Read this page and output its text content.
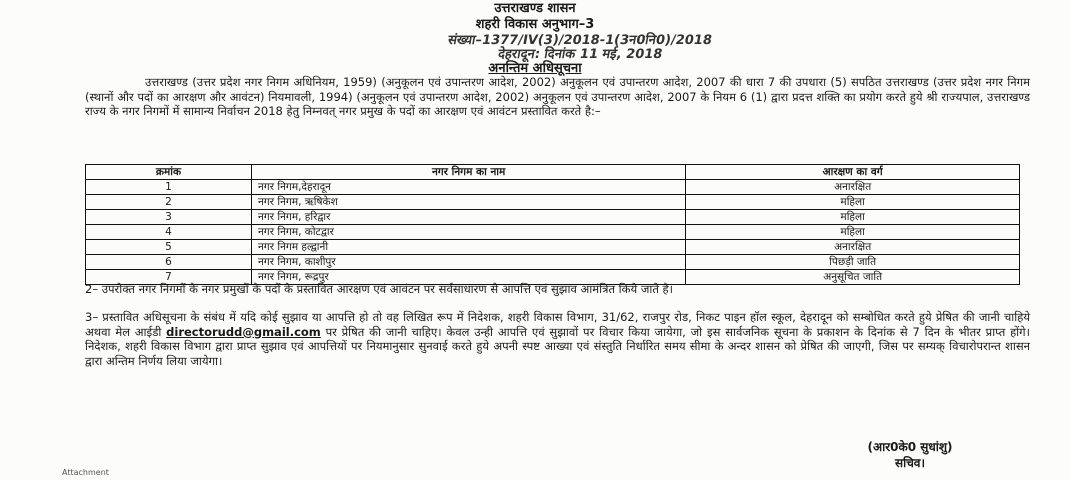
उत्तराखण्ड शासन
शहरी विकास अनुभाग–3
संख्या–1377/IV(3)/2018-1(3न0नि0)/2018
देहरादून: दिनांक 11 मई, 2018
अनन्तिम अधिसूचना
उत्तराखण्ड (उत्तर प्रदेश नगर निगम अधिनियम, 1959) (अनुकूलन एवं उपान्तरण आदेश, 2002) अनुकूलन एवं उपान्तरण आदेश, 2007 की धारा 7 की उपधारा (5) सपठित उत्तराखण्ड (उत्तर प्रदेश नगर निगम (स्थानों और पदों का आरक्षण और आवंटन) नियमावली, 1994) (अनुकूलन एवं उपान्तरण आदेश, 2002) अनुकूलन एवं उपान्तरण आदेश, 2007 के नियम 6 (1) द्वारा प्रदत्त शक्ति का प्रयोग करते हुये श्री राज्यपाल, उत्तराखण्ड राज्य के नगर निगमों में सामान्य निर्वाचन 2018 हेतु निम्नवत् नगर प्रमुख के पदों का आरक्षण एवं आवंटन प्रस्तावित करते है:–
क्रमांक	नगर निगम का नाम	आरक्षण का वर्ग
1	नगर निगम,देहरादून	अनारक्षित
2	नगर निगम, ऋषिकेश	महिला
3	नगर निगम, हरिद्वार	महिला
4	नगर निगम, कोटद्वार	महिला
5	नगर निगम हल्द्वानी	अनारक्षित
6	नगर निगम, काशीपुर	पिछड़ी जाति
7	नगर निगम, रूद्रपुर	अनुसूचित जाति
2– उपरोक्त नगर निगमों के नगर प्रमुखों के पदों के प्रस्तावित आरक्षण एवं आवंटन पर सर्वसाधारण से आपत्ति एवं सुझाव आमंत्रित किये जाते है।
3– प्रस्तावित अधिसूचना के संबंध में यदि कोई सुझाव या आपत्ति हो तो वह लिखित रूप में निदेशक, शहरी विकास विभाग, 31/62, राजपुर रोड, निकट पाइन हॉल स्कूल, देहरादून को सम्बोधित करते हुये प्रेषित की जानी चाहिये अथवा मेल आईडी directorudd@gmail.com पर प्रेषित की जानी चाहिए। केवल उन्ही आपत्ति एवं सुझावों पर विचार किया जायेगा, जो इस सार्वजनिक सूचना के प्रकाशन के दिनांक से 7 दिन के भीतर प्राप्त होंगे। निदेशक, शहरी विकास विभाग द्वारा प्राप्त सुझाव एवं आपत्तियों पर नियमानुसार सुनवाई करते हुये अपनी स्पष्ट आख्या एवं संस्तुति निर्धारित समय सीमा के अन्दर शासन को प्रेषित की जाएगी, जिस पर सम्यक् विचारोपरान्त शासन द्वारा अन्तिम निर्णय लिया जायेगा।
(आर0के0 सुधांशु)
सचिव।
Attachment
